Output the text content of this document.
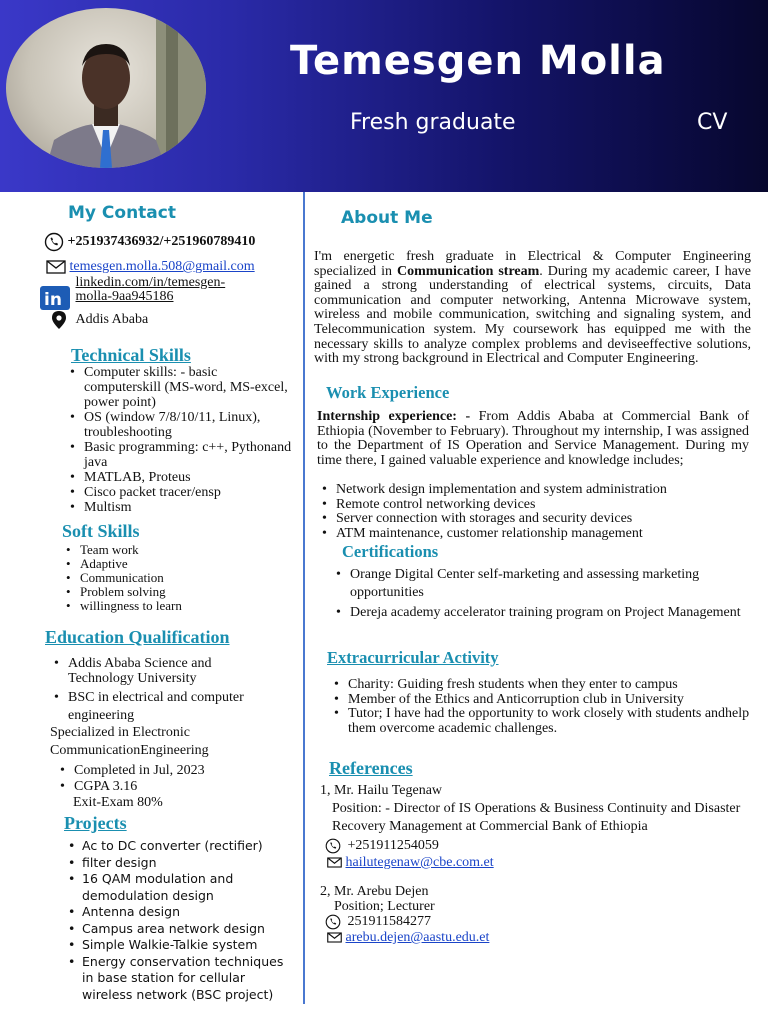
Temesgen Molla
Fresh graduate	CV
My Contact
+251937436932/+251960789410
temesgen.molla.508@gmail.com
in

linkedin.com/in/temesgen-
molla-9aa945186
Addis Ababa
Technical Skills
• Computer skills: - basic computerskill (MS-word, MS-excel, power point)
• OS (window 7/8/10/11, Linux), troubleshooting
• Basic programming: c++, Pythonand java
• MATLAB, Proteus
• Cisco packet tracer/ensp
• Multism
Soft Skills
• Team work
• Adaptive
• Communication
• Problem solving
• willingness to learn
Education Qualification
• Addis Ababa Science and Technology University
• BSC in electrical and computer engineering
Specialized in Electronic
CommunicationEngineering
• Completed in Jul, 2023
• CGPA 3.16
Exit-Exam 80%
Projects
• Ac to DC converter (rectifier)
• filter design
• 16 QAM modulation and demodulation design
• Antenna design
• Campus area network design
• Simple Walkie-Talkie system
• Energy conservation techniques in base station for cellular wireless network (BSC project)
About Me
I'm energetic fresh graduate in Electrical & Computer Engineering specialized in Communication stream. During my academic career, I have gained a strong understanding of electrical systems, circuits, Data communication and computer networking, Antenna Microwave system, wireless and mobile communication, switching and signaling system, and Telecommunication system. My coursework has equipped me with the necessary skills to analyze complex problems and deviseeffective solutions, with my strong background in Electrical and Computer Engineering.
Work Experience
Internship experience: - From Addis Ababa at Commercial Bank of Ethiopia (November to February). Throughout my internship, I was assigned to the Department of IS Operation and Service Management. During my time there, I gained valuable experience and knowledge includes;
• Network design implementation and system administration
• Remote control networking devices
• Server connection with storages and security devices
• ATM maintenance, customer relationship management
Certifications
• Orange Digital Center self-marketing and assessing marketing opportunities
• Dereja academy accelerator training program on Project Management
Extracurricular Activity
• Charity: Guiding fresh students when they enter to campus
• Member of the Ethics and Anticorruption club in University
• Tutor; I have had the opportunity to work closely with students andhelp them overcome academic challenges.
References
1, Mr. Hailu Tegenaw
Position: - Director of IS Operations & Business Continuity and Disaster Recovery Management at Commercial Bank of Ethiopia
+251911254059
hailutegenaw@cbe.com.et
2, Mr. Arebu Dejen
Position; Lecturer
251911584277
arebu.dejen@aastu.edu.et
